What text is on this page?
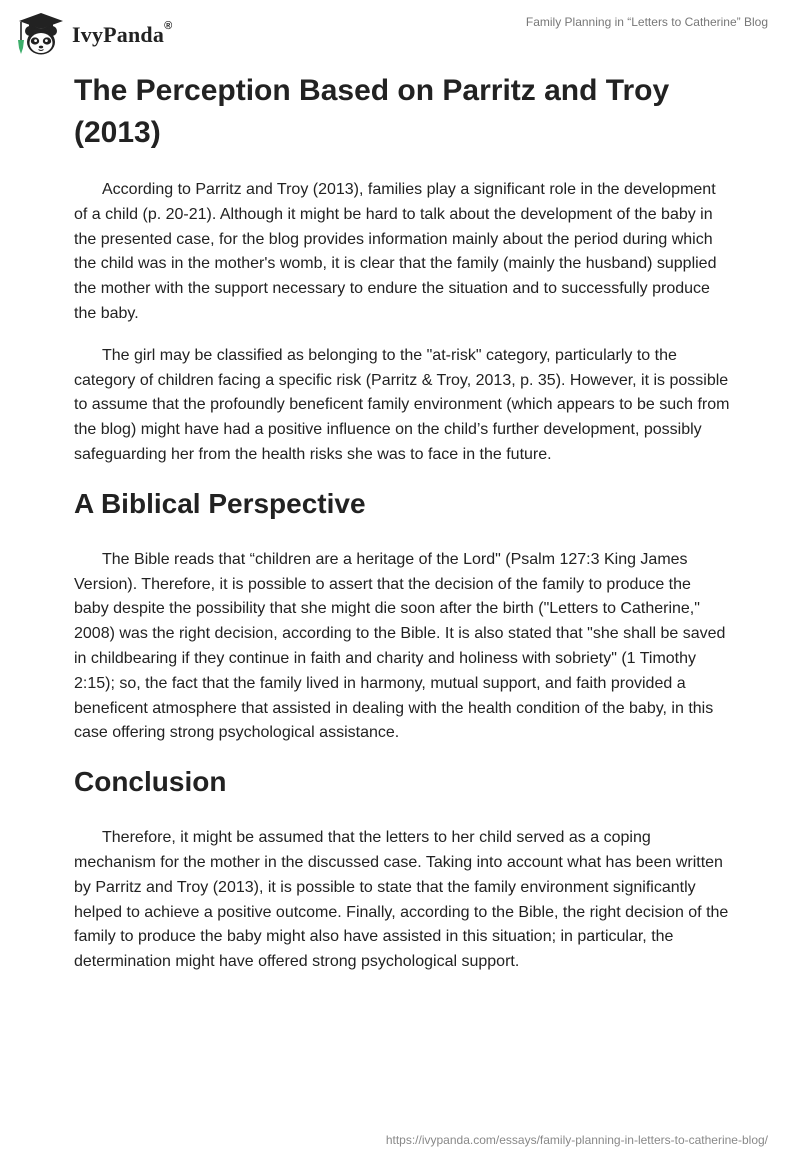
IvyPanda®	Family Planning in “Letters to Catherine” Blog
The Perception Based on Parritz and Troy (2013)

According to Parritz and Troy (2013), families play a significant role in the development of a child (p. 20-21). Although it might be hard to talk about the development of the baby in the presented case, for the blog provides information mainly about the period during which the child was in the mother's womb, it is clear that the family (mainly the husband) supplied the mother with the support necessary to endure the situation and to successfully produce the baby.

The girl may be classified as belonging to the "at-risk" category, particularly to the category of children facing a specific risk (Parritz & Troy, 2013, p. 35). However, it is possible to assume that the profoundly beneficent family environment (which appears to be such from the blog) might have had a positive influence on the child’s further development, possibly safeguarding her from the health risks she was to face in the future.

A Biblical Perspective

The Bible reads that “children are a heritage of the Lord" (Psalm 127:3 King James Version). Therefore, it is possible to assert that the decision of the family to produce the baby despite the possibility that she might die soon after the birth ("Letters to Catherine," 2008) was the right decision, according to the Bible. It is also stated that "she shall be saved in childbearing if they continue in faith and charity and holiness with sobriety" (1 Timothy 2:15); so, the fact that the family lived in harmony, mutual support, and faith provided a beneficent atmosphere that assisted in dealing with the health condition of the baby, in this case offering strong psychological assistance.

Conclusion

Therefore, it might be assumed that the letters to her child served as a coping mechanism for the mother in the discussed case. Taking into account what has been written by Parritz and Troy (2013), it is possible to state that the family environment significantly helped to achieve a positive outcome. Finally, according to the Bible, the right decision of the family to produce the baby might also have assisted in this situation; in particular, the determination might have offered strong psychological support.

https://ivypanda.com/essays/family-planning-in-letters-to-catherine-blog/
